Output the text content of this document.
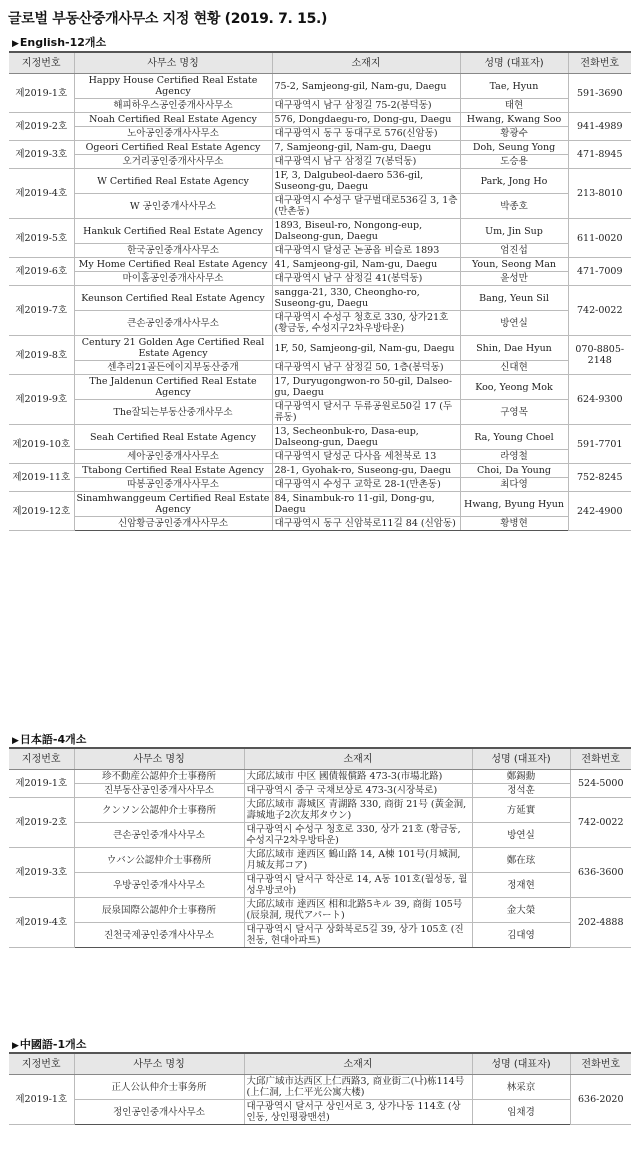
글로벌 부동산중개사무소 지정 현황 (2019. 7. 15.)
▶ English-12개소
지정번호	사무소 명칭	소재지	성명 (대표자)	전화번호
제2019-1호	Happy House Certified Real Estate Agency	75-2, Samjeong-gil, Nam-gu, Daegu	Tae, Hyun	591-3690
	해피하우스공인중개사사무소	대구광역시 남구 삼정길 75-2(봉덕동)	태현	
제2019-2호	Noah Certified Real Estate Agency	576, Dongdaegu-ro, Dong-gu, Daegu	Hwang, Kwang Soo	941-4989
	노아공인중개사사무소	대구광역시 동구 동대구로 576(신암동)	황광수	
제2019-3호	Ogeori Certified Real Estate Agency	7, Samjeong-gil, Nam-gu, Daegu	Doh, Seung Yong	471-8945
	오거리공인중개사사무소	대구광역시 남구 삼정길 7(봉덕동)	도승용	
제2019-4호	W Certified Real Estate Agency	1F, 3, Dalgubeol-daero 536-gil, Suseong-gu, Daegu	Park, Jong Ho	213-8010
	W 공인중개사사무소	대구광역시 수성구 달구벌대로536길 3, 1층(만촌동)	박종호	
제2019-5호	Hankuk Certified Real Estate Agency	1893, Biseul-ro, Nongong-eup, Dalseong-gun, Daegu	Um, Jin Sup	611-0020
	한국공인중개사사무소	대구광역시 달성군 논공읍 비슬로 1893	엄진섭	
제2019-6호	My Home Certified Real Estate Agency	41, Samjeong-gil, Nam-gu, Daegu	Youn, Seong Man	471-7009
	마이홈공인중개사사무소	대구광역시 남구 삼정길 41(봉덕동)	윤성만	
제2019-7호	Keunson Certified Real Estate Agency	sangga-21, 330, Cheongho-ro, Suseong-gu, Daegu	Bang, Yeun Sil	742-0022
	큰손공인중개사사무소	대구광역시 수성구 청호로 330, 상가21호 (황금동, 수성지구2차우방타운)	방연실	
제2019-8호	Century 21 Golden Age Certified Real Estate Agency	1F, 50, Samjeong-gil, Nam-gu, Daegu	Shin, Dae Hyun	070-8805-2148
	센추리21골든에이지부동산중개	대구광역시 남구 삼정길 50, 1층(봉덕동)	신대현	
제2019-9호	The Jaldenun Certified Real Estate Agency	17, Duryugongwon-ro 50-gil, Dalseo-gu, Daegu	Koo, Yeong Mok	624-9300
	The잘되는부동산중개사무소	대구광역시 달서구 두류공원로50길 17 (두류동)	구영목	
제2019-10호	Seah Certified Real Estate Agency	13, Secheonbuk-ro, Dasa-eup, Dalseong-gun, Daegu	Ra, Young Choel	591-7701
	세아공인중개사사무소	대구광역시 달성군 다사읍 세천북로 13	라영철	
제2019-11호	Ttabong Certified Real Estate Agency	28-1, Gyohak-ro, Suseong-gu, Daegu	Choi, Da Young	752-8245
	따봉공인중개사사무소	대구광역시 수성구 교학로 28-1(만촌동)	최다영	
제2019-12호	Sinamhwanggeum Certified Real Estate Agency	84, Sinambuk-ro 11-gil, Dong-gu, Daegu	Hwang, Byung Hyun	242-4900
	신암황금공인중개사사무소	대구광역시 동구 신암북로11길 84 (신암동)	황병현	
▶ 日本語-4개소
지정번호	사무소 명칭	소재지	성명 (대표자)	전화번호
제2019-1호	珍不動産公認仲介士事務所	大邱広域市 中区 國債報償路 473-3(市場北路)	鄭錫勳	524-5000
	진부동산공인중개사사무소	대구광역시 중구 국채보상로 473-3(시장북로)	정석훈	
제2019-2호	クンソン公認仲介士事務所	大邱広域市 壽城区 青湖路 330, 商街 21号 (黃金洞, 壽城地子2次友邦タウン)	方延實	742-0022
	큰손공인중개사사무소	대구광역시 수성구 청호로 330, 상가 21호 (황금동, 수성지구2차우방타운)	방연실	
제2019-3호	ウバン公認仲介士事務所	大邱広域市 達西区 鶴山路 14, A棟 101号(月城洞, 月城友邦コア)	鄭在玹	636-3600
	우방공인중개사사무소	대구광역시 달서구 학산로 14, A동 101호(월성동, 월성우방코아)	정재현	
제2019-4호	辰泉国際公認仲介士事務所	大邱広域市 達西区 相和北路5キル 39, 商街 105号 (辰泉洞, 現代アパート)	金大榮	202-4888
	진천국제공인중개사사무소	대구광역시 달서구 상화북로5길 39, 상가 105호 (진천동, 현대아파트)	김대영	
▶ 中國語-1개소
지정번호	사무소 명칭	소재지	성명 (대표자)	전화번호
제2019-1호	正人公认仲介士事务所	大邱广域市达西区上仁西路3, 商业街二(나)栋114号 (上仁洞, 上仁平光公寓大楼)	林采京	636-2020
	정인공인중개사사무소	대구광역시 달서구 상인서로 3, 상가나동 114호 (상인동, 상인평광맨션)	임채경	
